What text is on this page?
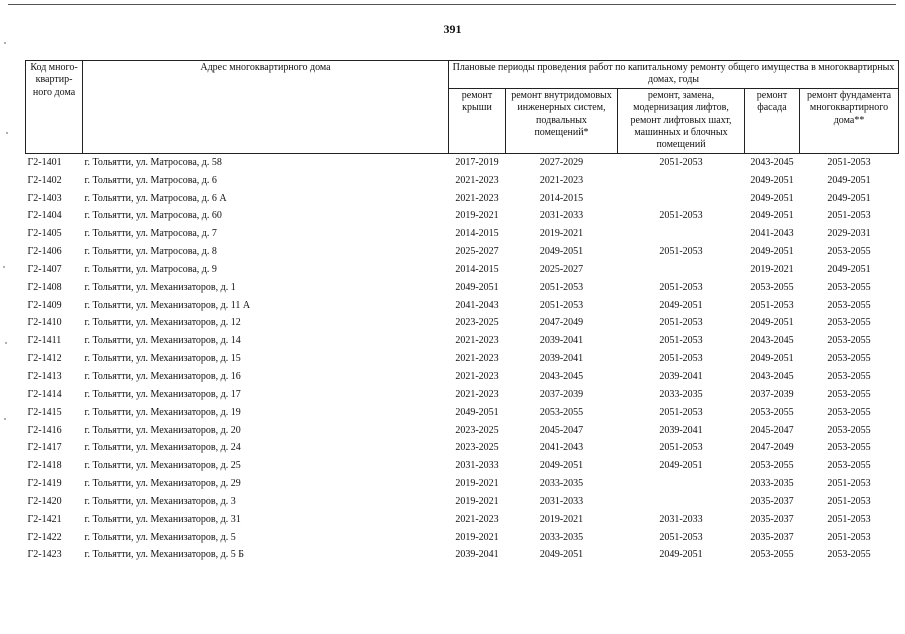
391
Код много-квартир-ного дома	Адрес многоквартирного дома	Плановые периоды проведения работ по капитальному ремонту общего имущества в многоквартирных домах, годы				
		ремонт крыши	ремонт внутридомовых инженерных систем, подвальных помещений*	ремонт, замена, модернизация лифтов, ремонт лифтовых шахт, машинных и блочных помещений	ремонт фасада	ремонт фундамента многоквартирного дома**
Г2-1401	г. Тольятти, ул. Матросова, д. 58	2017-2019	2027-2029	2051-2053	2043-2045	2051-2053
Г2-1402	г. Тольятти, ул. Матросова, д. 6	2021-2023	2021-2023		2049-2051	2049-2051
Г2-1403	г. Тольятти, ул. Матросова, д. 6 А	2021-2023	2014-2015		2049-2051	2049-2051
Г2-1404	г. Тольятти, ул. Матросова, д. 60	2019-2021	2031-2033	2051-2053	2049-2051	2051-2053
Г2-1405	г. Тольятти, ул. Матросова, д. 7	2014-2015	2019-2021		2041-2043	2029-2031
Г2-1406	г. Тольятти, ул. Матросова, д. 8	2025-2027	2049-2051	2051-2053	2049-2051	2053-2055
Г2-1407	г. Тольятти, ул. Матросова, д. 9	2014-2015	2025-2027		2019-2021	2049-2051
Г2-1408	г. Тольятти, ул. Механизаторов, д. 1	2049-2051	2051-2053	2051-2053	2053-2055	2053-2055
Г2-1409	г. Тольятти, ул. Механизаторов, д. 11 А	2041-2043	2051-2053	2049-2051	2051-2053	2053-2055
Г2-1410	г. Тольятти, ул. Механизаторов, д. 12	2023-2025	2047-2049	2051-2053	2049-2051	2053-2055
Г2-1411	г. Тольятти, ул. Механизаторов, д. 14	2021-2023	2039-2041	2051-2053	2043-2045	2053-2055
Г2-1412	г. Тольятти, ул. Механизаторов, д. 15	2021-2023	2039-2041	2051-2053	2049-2051	2053-2055
Г2-1413	г. Тольятти, ул. Механизаторов, д. 16	2021-2023	2043-2045	2039-2041	2043-2045	2053-2055
Г2-1414	г. Тольятти, ул. Механизаторов, д. 17	2021-2023	2037-2039	2033-2035	2037-2039	2053-2055
Г2-1415	г. Тольятти, ул. Механизаторов, д. 19	2049-2051	2053-2055	2051-2053	2053-2055	2053-2055
Г2-1416	г. Тольятти, ул. Механизаторов, д. 20	2023-2025	2045-2047	2039-2041	2045-2047	2053-2055
Г2-1417	г. Тольятти, ул. Механизаторов, д. 24	2023-2025	2041-2043	2051-2053	2047-2049	2053-2055
Г2-1418	г. Тольятти, ул. Механизаторов, д. 25	2031-2033	2049-2051	2049-2051	2053-2055	2053-2055
Г2-1419	г. Тольятти, ул. Механизаторов, д. 29	2019-2021	2033-2035		2033-2035	2051-2053
Г2-1420	г. Тольятти, ул. Механизаторов, д. 3	2019-2021	2031-2033		2035-2037	2051-2053
Г2-1421	г. Тольятти, ул. Механизаторов, д. 31	2021-2023	2019-2021	2031-2033	2035-2037	2051-2053
Г2-1422	г. Тольятти, ул. Механизаторов, д. 5	2019-2021	2033-2035	2051-2053	2035-2037	2051-2053
Г2-1423	г. Тольятти, ул. Механизаторов, д. 5 Б	2039-2041	2049-2051	2049-2051	2053-2055	2053-2055
